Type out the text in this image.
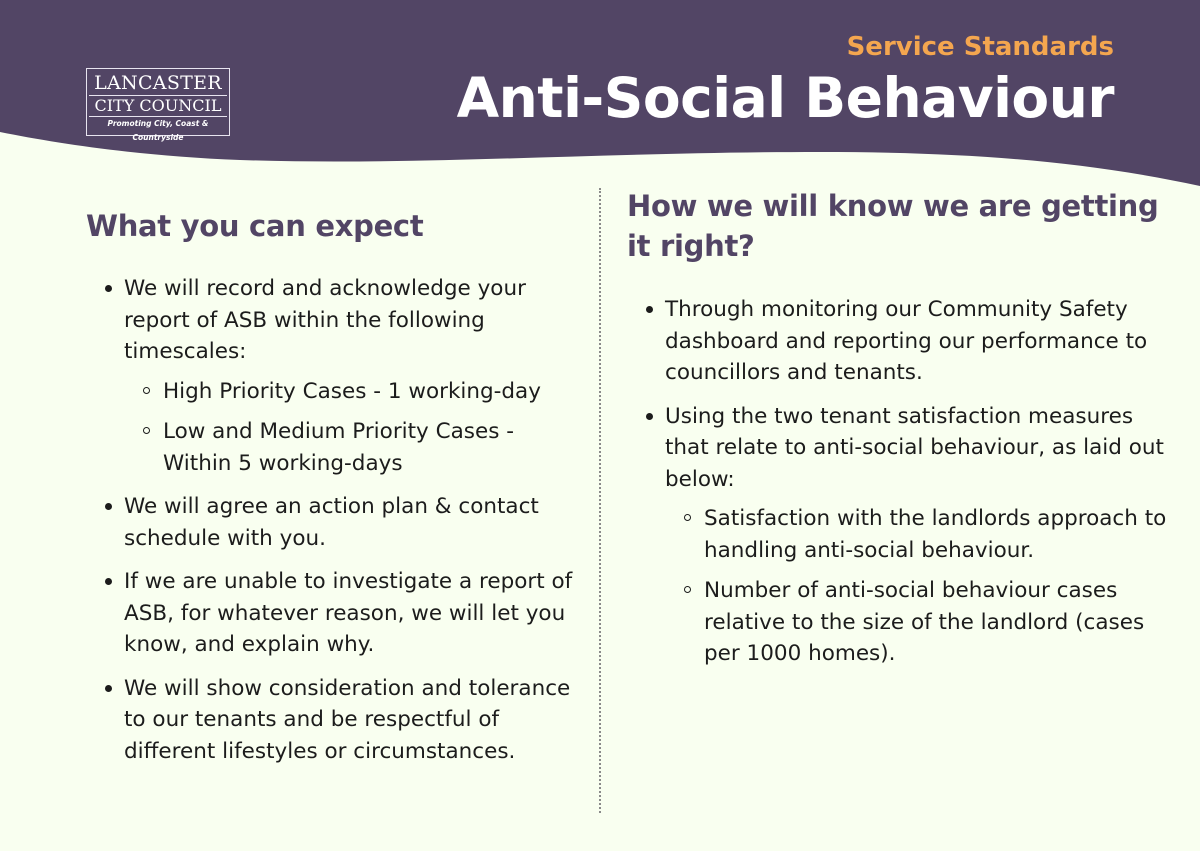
LANCASTER
CITY COUNCIL
Promoting City, Coast & Countryside
Service Standards
Anti-Social Behaviour
What you can expect
We will record and acknowledge your report of ASB within the following timescales:
High Priority Cases - 1 working-day
Low and Medium Priority Cases - Within 5 working-days
We will agree an action plan & contact schedule with you.
If we are unable to investigate a report of ASB, for whatever reason, we will let you know, and explain why.
We will show consideration and tolerance to our tenants and be respectful of different lifestyles or circumstances.
How we will know we are getting it right?
Through monitoring our Community Safety dashboard and reporting our performance to councillors and tenants.
Using the two tenant satisfaction measures that relate to anti-social behaviour, as laid out below:
Satisfaction with the landlords approach to handling anti-social behaviour.
Number of anti-social behaviour cases relative to the size of the landlord (cases per 1000 homes).
